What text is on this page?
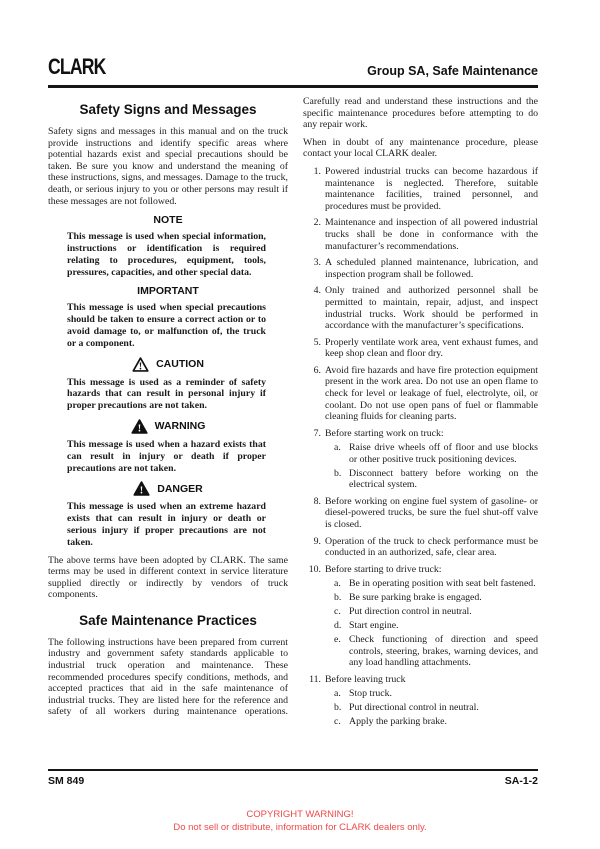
CLARK	Group SA, Safe Maintenance
Safety Signs and Messages

Safety signs and messages in this manual and on the truck provide instructions and identify specific areas where potential hazards exist and special precautions should be taken. Be sure you know and understand the meaning of these instructions, signs, and messages. Damage to the truck, death, or serious injury to you or other persons may result if these messages are not followed.

NOTE
This message is used when special information, instructions or identification is required relating to procedures, equipment, tools, pressures, capacities, and other special data.
IMPORTANT
This message is used when special precautions should be taken to ensure a correct action or to avoid damage to, or malfunction of, the truck or a component.
! CAUTION
This message is used as a reminder of safety hazards that can result in personal injury if proper precautions are not taken.
! WARNING
This message is used when a hazard exists that can result in injury or death if proper precautions are not taken.
! DANGER
This message is used when an extreme hazard exists that can result in injury or death or serious injury if proper precautions are not taken.

The above terms have been adopted by CLARK. The same terms may be used in different context in service literature supplied directly or indirectly by vendors of truck components.

Safe Maintenance Practices

The following instructions have been prepared from current industry and government safety standards applicable to industrial truck operation and maintenance. These recommended procedures specify conditions, methods, and accepted practices that aid in the safe maintenance of industrial trucks. They are listed here for the reference and safety of all workers during maintenance operations.

Carefully read and understand these instructions and the specific maintenance procedures before attempting to do any repair work.

When in doubt of any maintenance procedure, please contact your local CLARK dealer.

1. Powered industrial trucks can become hazardous if maintenance is neglected. Therefore, suitable maintenance facilities, trained personnel, and procedures must be provided.
2. Maintenance and inspection of all powered industrial trucks shall be done in conformance with the manufacturer’s recommendations.
3. A scheduled planned maintenance, lubrication, and inspection program shall be followed.
4. Only trained and authorized personnel shall be permitted to maintain, repair, adjust, and inspect industrial trucks. Work should be performed in accordance with the manufacturer’s specifications.
5. Properly ventilate work area, vent exhaust fumes, and keep shop clean and floor dry.
6. Avoid fire hazards and have fire protection equipment present in the work area. Do not use an open flame to check for level or leakage of fuel, electrolyte, oil, or coolant. Do not use open pans of fuel or flammable cleaning fluids for cleaning parts.
7. Before starting work on truck:
a. Raise drive wheels off of floor and use blocks or other positive truck positioning devices.
b. Disconnect battery before working on the electrical system.
8. Before working on engine fuel system of gasoline- or diesel-powered trucks, be sure the fuel shut-off valve is closed.
9. Operation of the truck to check performance must be conducted in an authorized, safe, clear area.
10. Before starting to drive truck:
a. Be in operating position with seat belt fastened.
b. Be sure parking brake is engaged.
c. Put direction control in neutral.
d. Start engine.
e. Check functioning of direction and speed controls, steering, brakes, warning devices, and any load handling attachments.
11. Before leaving truck
a. Stop truck.
b. Put directional control in neutral.
c. Apply the parking brake.
SM 849	SA-1-2
COPYRIGHT WARNING!
Do not sell or distribute, information for CLARK dealers only.
